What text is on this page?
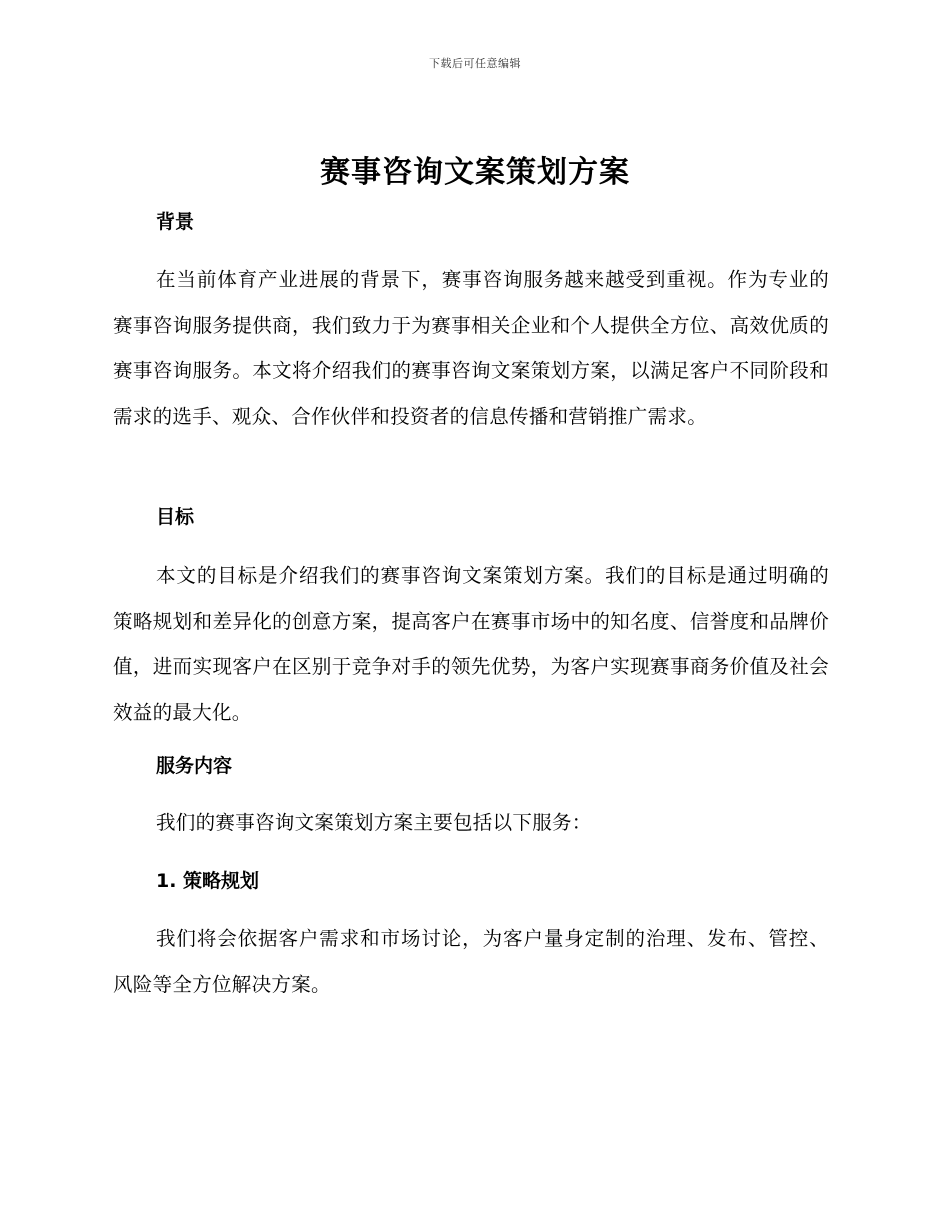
下载后可任意编辑
赛事咨询文案策划方案
背景

在当前体育产业进展的背景下，赛事咨询服务越来越受到重视。作为专业的赛事咨询服务提供商，我们致力于为赛事相关企业和个人提供全方位、高效优质的赛事咨询服务。本文将介绍我们的赛事咨询文案策划方案，以满足客户不同阶段和需求的选手、观众、合作伙伴和投资者的信息传播和营销推广需求。

目标

本文的目标是介绍我们的赛事咨询文案策划方案。我们的目标是通过明确的策略规划和差异化的创意方案，提高客户在赛事市场中的知名度、信誉度和品牌价值，进而实现客户在区别于竞争对手的领先优势，为客户实现赛事商务价值及社会效益的最大化。

服务内容

我们的赛事咨询文案策划方案主要包括以下服务：

1. 策略规划

我们将会依据客户需求和市场讨论，为客户量身定制的治理、发布、管控、风险等全方位解决方案。
